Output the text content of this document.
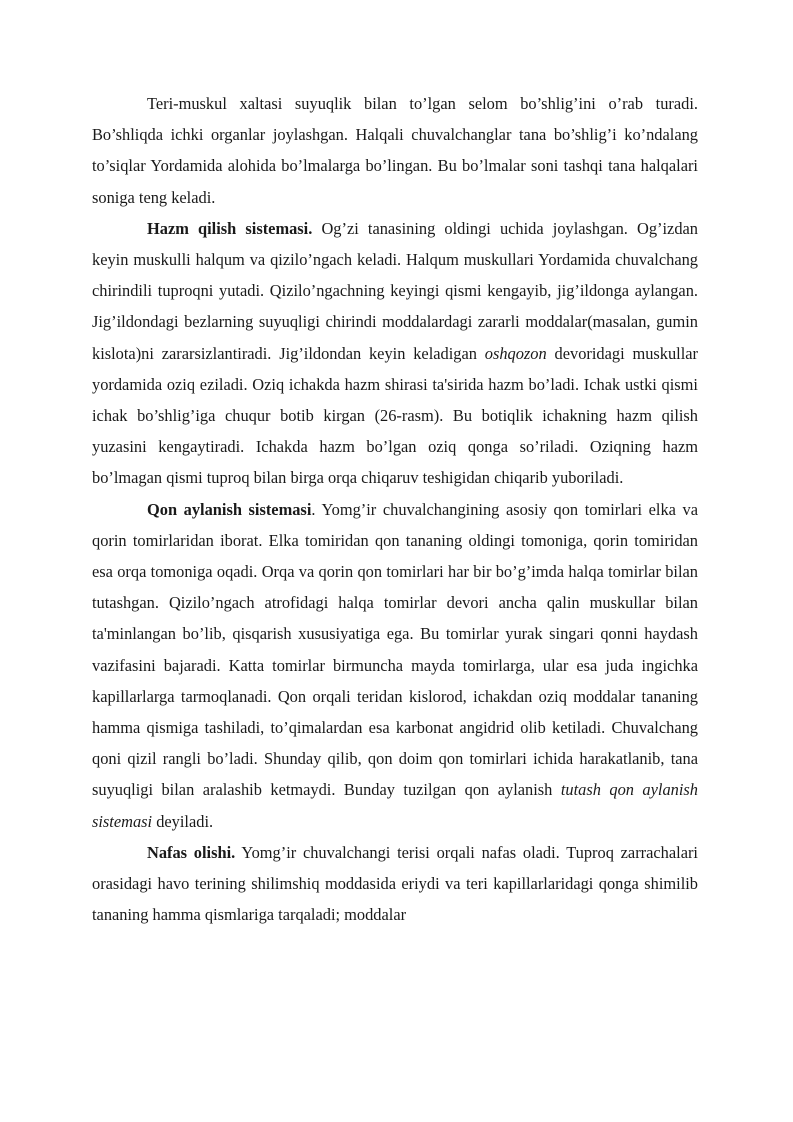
Teri-muskul xaltasi suyuqlik bilan to’lgan selom bo’shlig’ini o’rab turadi. Bo’shliqda ichki organlar joylashgan. Halqali chuvalchanglar tana bo’shlig’i ko’ndalang to’siqlar Yordamida alohida bo’lmalarga bo’lingan. Bu bo’lmalar soni tashqi tana halqalari soniga teng keladi.

Hazm qilish sistemasi. Og’zi tanasining oldingi uchida joylashgan. Og’izdan keyin muskulli halqum va qizilo’ngach keladi. Halqum muskullari Yordamida chuvalchang chirindili tuproqni yutadi. Qizilo’ngachning keyingi qismi kengayib, jig’ildonga aylangan. Jig’ildondagi bezlarning suyuqligi chirindi moddalardagi zararli moddalar(masalan, gumin kislota)ni zararsizlantiradi. Jig’ildondan keyin keladigan oshqozon devoridagi muskullar yordamida oziq eziladi. Oziq ichakda hazm shirasi ta'sirida hazm bo’ladi. Ichak ustki qismi ichak bo’shlig’iga chuqur botib kirgan (26-rasm). Bu botiqlik ichakning hazm qilish yuzasini kengaytiradi. Ichakda hazm bo’lgan oziq qonga so’riladi. Oziqning hazm bo’lmagan qismi tuproq bilan birga orqa chiqaruv teshigidan chiqarib yuboriladi.

Qon aylanish sistemasi. Yomg’ir chuvalchangining asosiy qon tomirlari elka va qorin tomirlaridan iborat. Elka tomiridan qon tananing oldingi tomoniga, qorin tomiridan esa orqa tomoniga oqadi. Orqa va qorin qon tomirlari har bir bo’g’imda halqa tomirlar bilan tutashgan. Qizilo’ngach atrofidagi halqa tomirlar devori ancha qalin muskullar bilan ta'minlangan bo’lib, qisqarish xususiyatiga ega. Bu tomirlar yurak singari qonni haydash vazifasini bajaradi. Katta tomirlar birmuncha mayda tomirlarga, ular esa juda ingichka kapillarlarga tarmoqlanadi. Qon orqali teridan kislorod, ichakdan oziq moddalar tananing hamma qismiga tashiladi, to’qimalardan esa karbonat angidrid olib ketiladi. Chuvalchang qoni qizil rangli bo’ladi. Shunday qilib, qon doim qon tomirlari ichida harakatlanib, tana suyuqligi bilan aralashib ketmaydi. Bunday tuzilgan qon aylanish tutash qon aylanish sistemasi deyiladi.

Nafas olishi. Yomg’ir chuvalchangi terisi orqali nafas oladi. Tuproq zarrachalari orasidagi havo terining shilimshiq moddasida eriydi va teri kapillarlaridagi qonga shimilib tananing hamma qismlariga tarqaladi; moddalar
